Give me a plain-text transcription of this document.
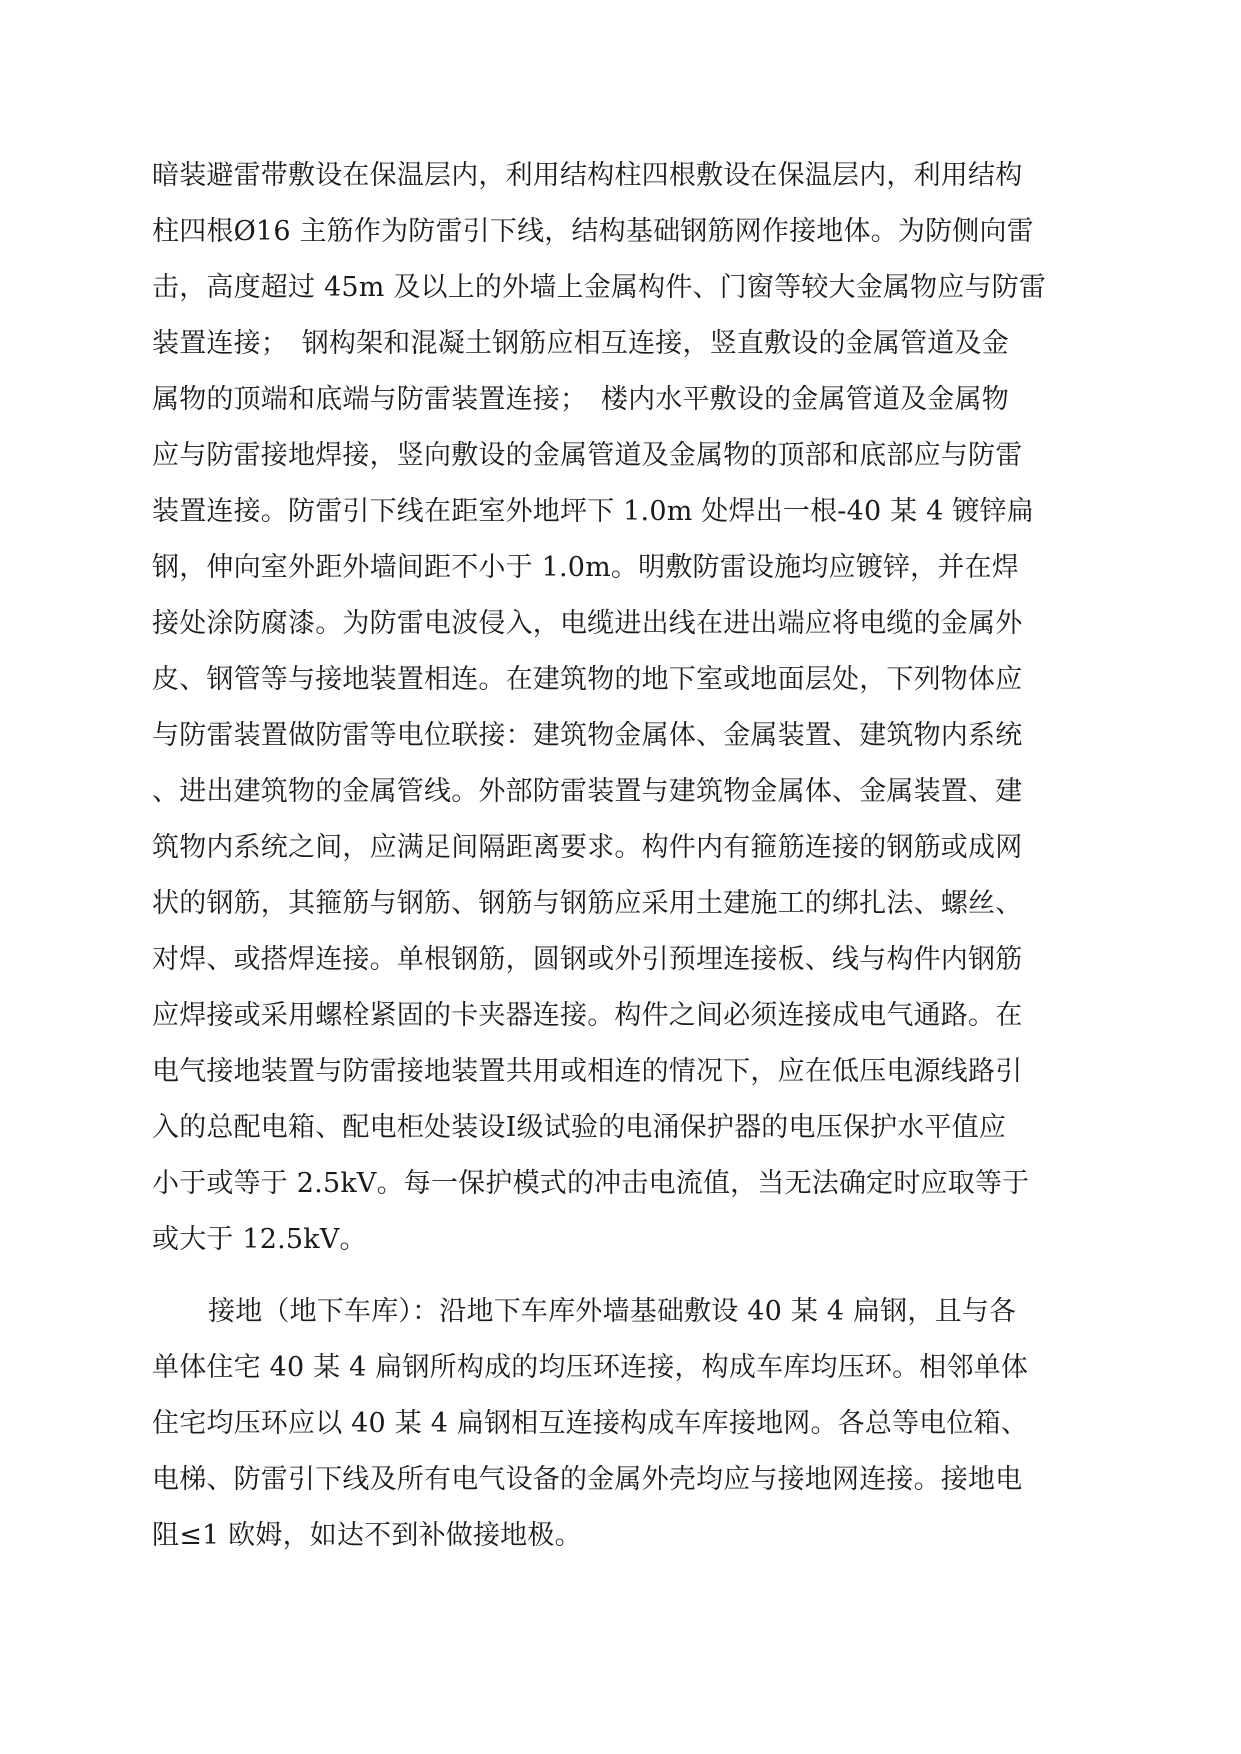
暗装避雷带敷设在保温层内，利用结构柱四根敷设在保温层内，利用结构
柱四根Ø16 主筋作为防雷引下线，结构基础钢筋网作接地体。为防侧向雷
击，高度超过 45m 及以上的外墙上金属构件、门窗等较大金属物应与防雷
装置连接；　钢构架和混凝土钢筋应相互连接，竖直敷设的金属管道及金
属物的顶端和底端与防雷装置连接；　楼内水平敷设的金属管道及金属物
应与防雷接地焊接，竖向敷设的金属管道及金属物的顶部和底部应与防雷
装置连接。防雷引下线在距室外地坪下 1.0m 处焊出一根-40 某 4 镀锌扁
钢，伸向室外距外墙间距不小于 1.0m。明敷防雷设施均应镀锌，并在焊
接处涂防腐漆。为防雷电波侵入，电缆进出线在进出端应将电缆的金属外
皮、钢管等与接地装置相连。在建筑物的地下室或地面层处，下列物体应
与防雷装置做防雷等电位联接：建筑物金属体、金属装置、建筑物内系统
、进出建筑物的金属管线。外部防雷装置与建筑物金属体、金属装置、建
筑物内系统之间，应满足间隔距离要求。构件内有箍筋连接的钢筋或成网
状的钢筋，其箍筋与钢筋、钢筋与钢筋应采用土建施工的绑扎法、螺丝、
对焊、或搭焊连接。单根钢筋，圆钢或外引预埋连接板、线与构件内钢筋
应焊接或采用螺栓紧固的卡夹器连接。构件之间必须连接成电气通路。在
电气接地装置与防雷接地装置共用或相连的情况下，应在低压电源线路引
入的总配电箱、配电柜处装设Ⅰ级试验的电涌保护器的电压保护水平值应
小于或等于 2.5kV。每一保护模式的冲击电流值，当无法确定时应取等于
或大于 12.5kV。
接地（地下车库）：沿地下车库外墙基础敷设 40 某 4 扁钢，且与各
单体住宅 40 某 4 扁钢所构成的均压环连接，构成车库均压环。相邻单体
住宅均压环应以 40 某 4 扁钢相互连接构成车库接地网。各总等电位箱、
电梯、防雷引下线及所有电气设备的金属外壳均应与接地网连接。接地电
阻≤1 欧姆，如达不到补做接地极。
